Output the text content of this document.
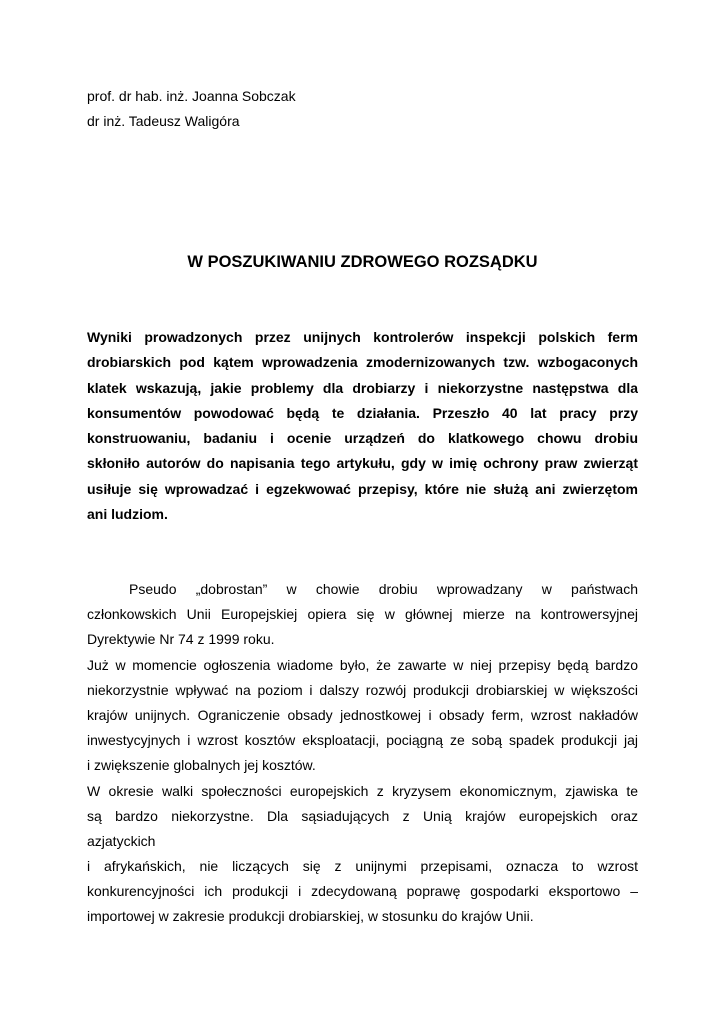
prof. dr hab. inż. Joanna Sobczak
dr inż. Tadeusz Waligóra
W POSZUKIWANIU ZDROWEGO ROZSĄDKU
Wyniki prowadzonych przez unijnych kontrolerów inspekcji polskich ferm
drobiarskich pod kątem wprowadzenia zmodernizowanych tzw. wzbogaconych
klatek wskazują, jakie problemy dla drobiarzy i niekorzystne następstwa dla
konsumentów powodować będą te działania. Przeszło 40 lat pracy przy
konstruowaniu, badaniu i ocenie urządzeń do klatkowego chowu drobiu
skłoniło autorów do napisania tego artykułu, gdy w imię ochrony praw zwierząt
usiłuje się wprowadzać i egzekwować przepisy, które nie służą ani zwierzętom
ani ludziom.
Pseudo „dobrostan” w chowie drobiu wprowadzany w państwach
członkowskich Unii Europejskiej opiera się w głównej mierze na kontrowersyjnej
Dyrektywie Nr 74 z 1999 roku.
Już w momencie ogłoszenia wiadome było, że zawarte w niej przepisy będą bardzo
niekorzystnie wpływać na poziom i dalszy rozwój produkcji drobiarskiej w większości
krajów unijnych. Ograniczenie obsady jednostkowej i obsady ferm, wzrost nakładów
inwestycyjnych i wzrost kosztów eksploatacji, pociągną ze sobą spadek produkcji jaj
i zwiększenie globalnych jej kosztów.
W okresie walki społeczności europejskich z kryzysem ekonomicznym, zjawiska te
są bardzo niekorzystne. Dla sąsiadujących z Unią krajów europejskich oraz
azjatyckich
i afrykańskich, nie liczących się z unijnymi przepisami, oznacza to wzrost
konkurencyjności ich produkcji i zdecydowaną poprawę gospodarki eksportowo –
importowej w zakresie produkcji drobiarskiej, w stosunku do krajów Unii.
